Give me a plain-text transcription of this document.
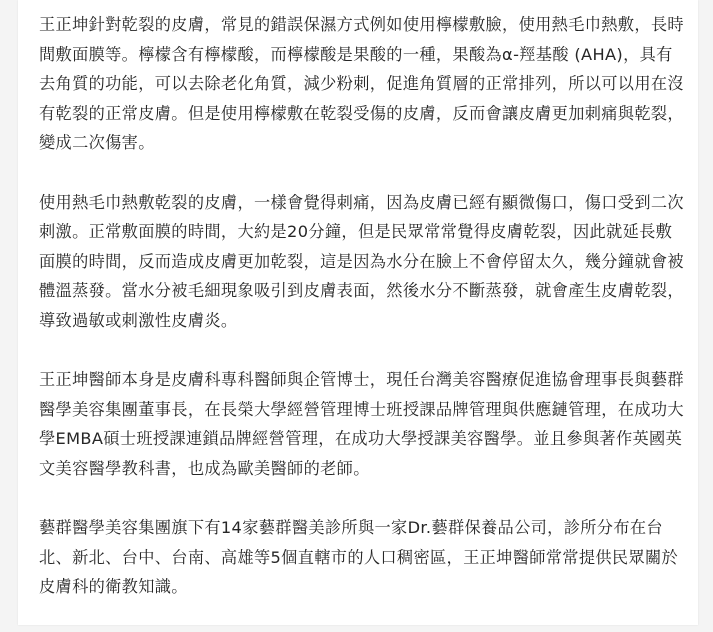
王正坤針對乾裂的皮膚，常見的錯誤保濕方式例如使用檸檬敷臉，使用熱毛巾熱敷，長時間敷面膜等。檸檬含有檸檬酸，而檸檬酸是果酸的一種，果酸為α-羥基酸 (AHA)，具有去角質的功能，可以去除老化角質，減少粉刺，促進角質層的正常排列，所以可以用在沒有乾裂的正常皮膚。但是使用檸檬敷在乾裂受傷的皮膚，反而會讓皮膚更加刺痛與乾裂，變成二次傷害。

使用熱毛巾熱敷乾裂的皮膚，一樣會覺得刺痛，因為皮膚已經有顯微傷口，傷口受到二次刺激。正常敷面膜的時間，大約是20分鐘，但是民眾常常覺得皮膚乾裂，因此就延長敷面膜的時間，反而造成皮膚更加乾裂，這是因為水分在臉上不會停留太久，幾分鐘就會被體溫蒸發。當水分被毛細現象吸引到皮膚表面，然後水分不斷蒸發，就會產生皮膚乾裂，導致過敏或刺激性皮膚炎。

王正坤醫師本身是皮膚科專科醫師與企管博士，現任台灣美容醫療促進協會理事長與藝群醫學美容集團董事長，在長榮大學經營管理博士班授課品牌管理與供應鏈管理，在成功大學EMBA碩士班授課連鎖品牌經營管理，在成功大學授課美容醫學。並且參與著作英國英文美容醫學教科書，也成為歐美醫師的老師。

藝群醫學美容集團旗下有14家藝群醫美診所與一家Dr.藝群保養品公司，診所分布在台北、新北、台中、台南、高雄等5個直轄市的人口稠密區，王正坤醫師常常提供民眾關於皮膚科的衛教知識。
